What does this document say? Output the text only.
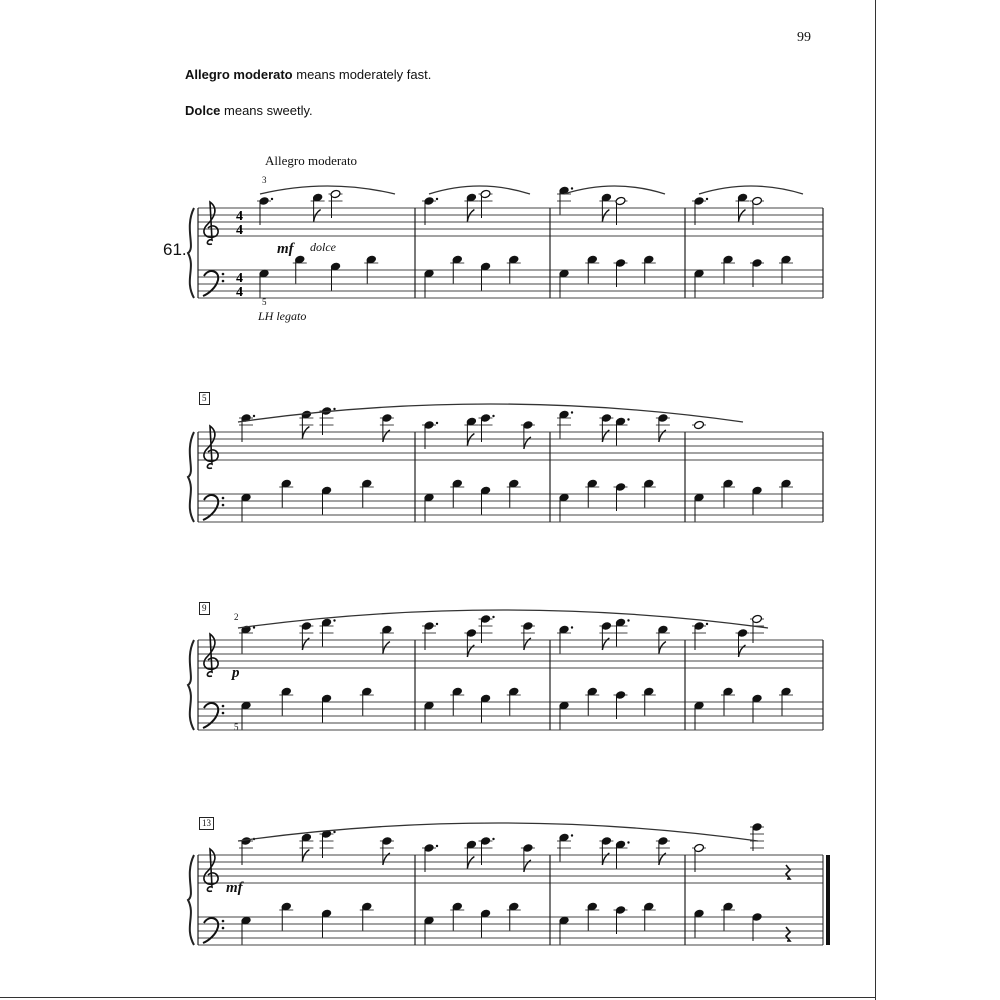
99
Allegro moderato means moderately fast.
Dolce means sweetly.
Allegro moderato
61.
3
5
mf dolce
LH legato
5
9
13
2
5
p
mf
4
4
4
4
